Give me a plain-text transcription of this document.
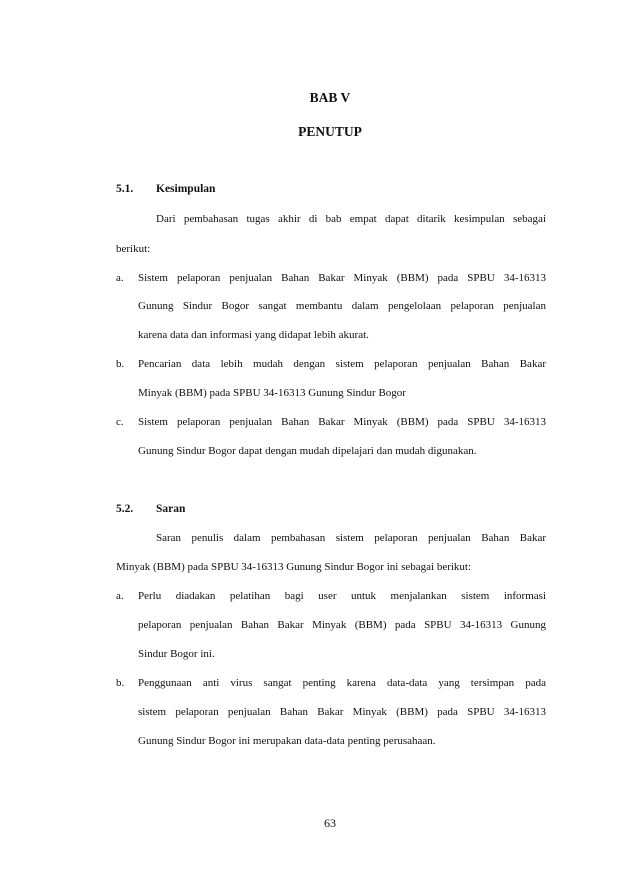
BAB V
PENUTUP
5.1. Kesimpulan
Dari pembahasan tugas akhir di bab empat dapat ditarik kesimpulan sebagai
berikut:
a. Sistem pelaporan penjualan Bahan Bakar Minyak (BBM) pada SPBU 34-16313
Gunung Sindur Bogor sangat membantu dalam pengelolaan pelaporan penjualan
karena data dan informasi yang didapat lebih akurat.
b. Pencarian data lebih mudah dengan sistem pelaporan penjualan Bahan Bakar
Minyak (BBM) pada SPBU 34-16313 Gunung Sindur Bogor
c. Sistem pelaporan penjualan Bahan Bakar Minyak (BBM) pada SPBU 34-16313
Gunung Sindur Bogor dapat dengan mudah dipelajari dan mudah digunakan.
5.2. Saran
Saran penulis dalam pembahasan sistem pelaporan penjualan Bahan Bakar
Minyak (BBM) pada SPBU 34-16313 Gunung Sindur Bogor ini sebagai berikut:
a. Perlu diadakan pelatihan bagi user untuk menjalankan sistem informasi
pelaporan penjualan Bahan Bakar Minyak (BBM) pada SPBU 34-16313 Gunung
Sindur Bogor ini.
b. Penggunaan anti virus sangat penting karena data-data yang tersimpan pada
sistem pelaporan penjualan Bahan Bakar Minyak (BBM) pada SPBU 34-16313
Gunung Sindur Bogor ini merupakan data-data penting perusahaan.
63
